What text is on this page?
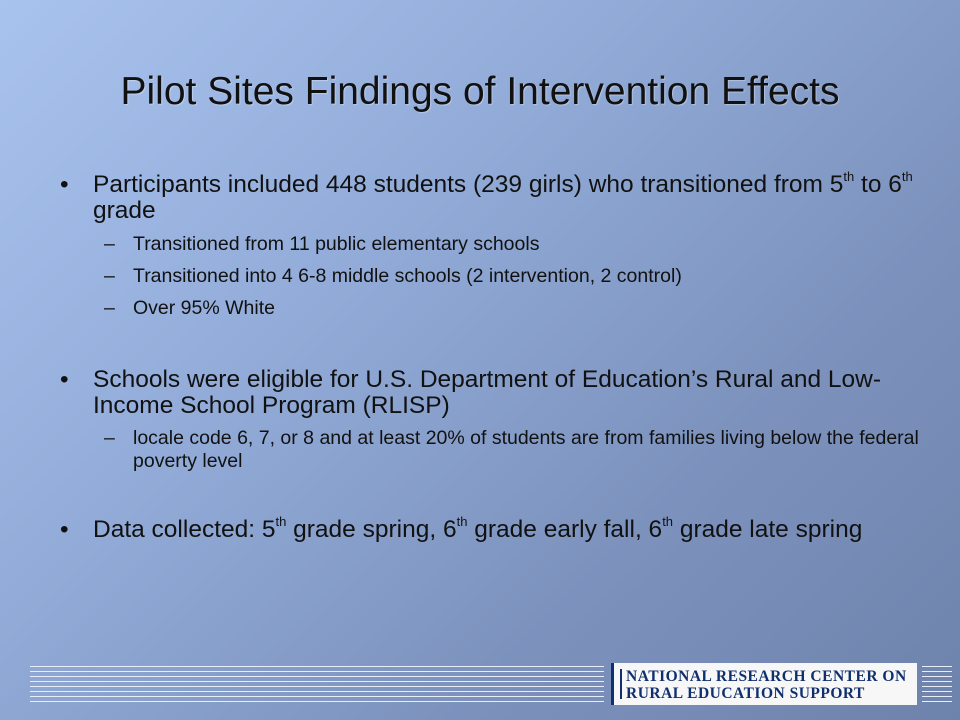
Pilot Sites Findings of Intervention Effects
• Participants included 448 students (239 girls) who transitioned from 5th to 6th grade
– Transitioned from 11 public elementary schools
– Transitioned into 4 6-8 middle schools (2 intervention, 2 control)
– Over 95% White
• Schools were eligible for U.S. Department of Education’s Rural and Low-Income School Program (RLISP)
– locale code 6, 7, or 8 and at least 20% of students are from families living below the federal poverty level
• Data collected: 5th grade spring, 6th grade early fall, 6th grade late spring
NATIONAL RESEARCH CENTER ON
RURAL EDUCATION SUPPORT
